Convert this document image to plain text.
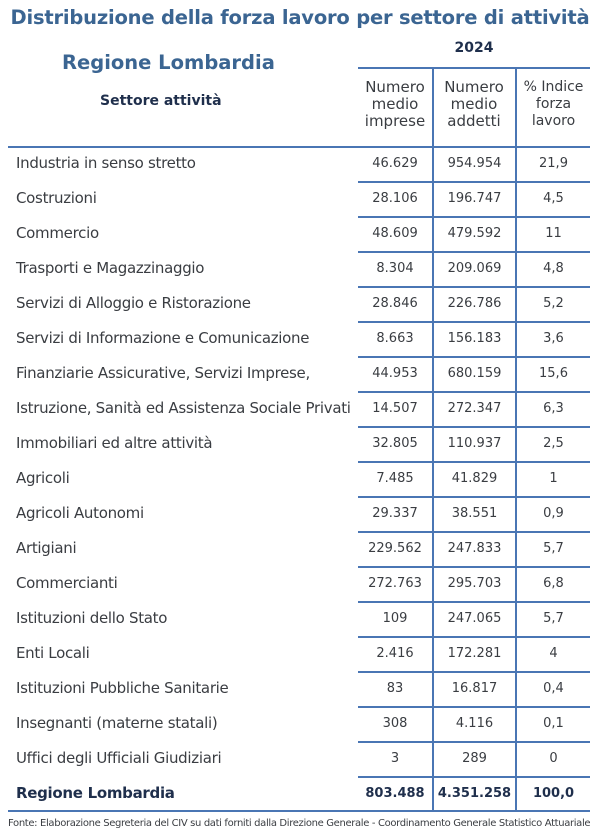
Distribuzione della forza lavoro per settore di attività
Regione Lombardia
Settore attività
2024
Numero
medio
imprese
Numero
medio
addetti
% Indice
forza
lavoro
Industria in senso stretto	46.629	954.954	21,9
Costruzioni	28.106	196.747	4,5
Commercio	48.609	479.592	11
Trasporti e Magazzinaggio	8.304	209.069	4,8
Servizi di Alloggio e Ristorazione	28.846	226.786	5,2
Servizi di Informazione e Comunicazione	8.663	156.183	3,6
Finanziarie Assicurative, Servizi Imprese,	44.953	680.159	15,6
Istruzione, Sanità ed Assistenza Sociale Privati	14.507	272.347	6,3
Immobiliari ed altre attività	32.805	110.937	2,5
Agricoli	7.485	41.829	1
Agricoli Autonomi	29.337	38.551	0,9
Artigiani	229.562	247.833	5,7
Commercianti	272.763	295.703	6,8
Istituzioni dello Stato	109	247.065	5,7
Enti Locali	2.416	172.281	4
Istituzioni Pubbliche Sanitarie	83	16.817	0,4
Insegnanti (materne statali)	308	4.116	0,1
Uffici degli Ufficiali Giudiziari	3	289	0
Regione Lombardia	803.488	4.351.258	100,0
Fonte: Elaborazione Segreteria del CIV su dati forniti dalla Direzione Generale - Coordinamento Generale Statistico Attuariale
